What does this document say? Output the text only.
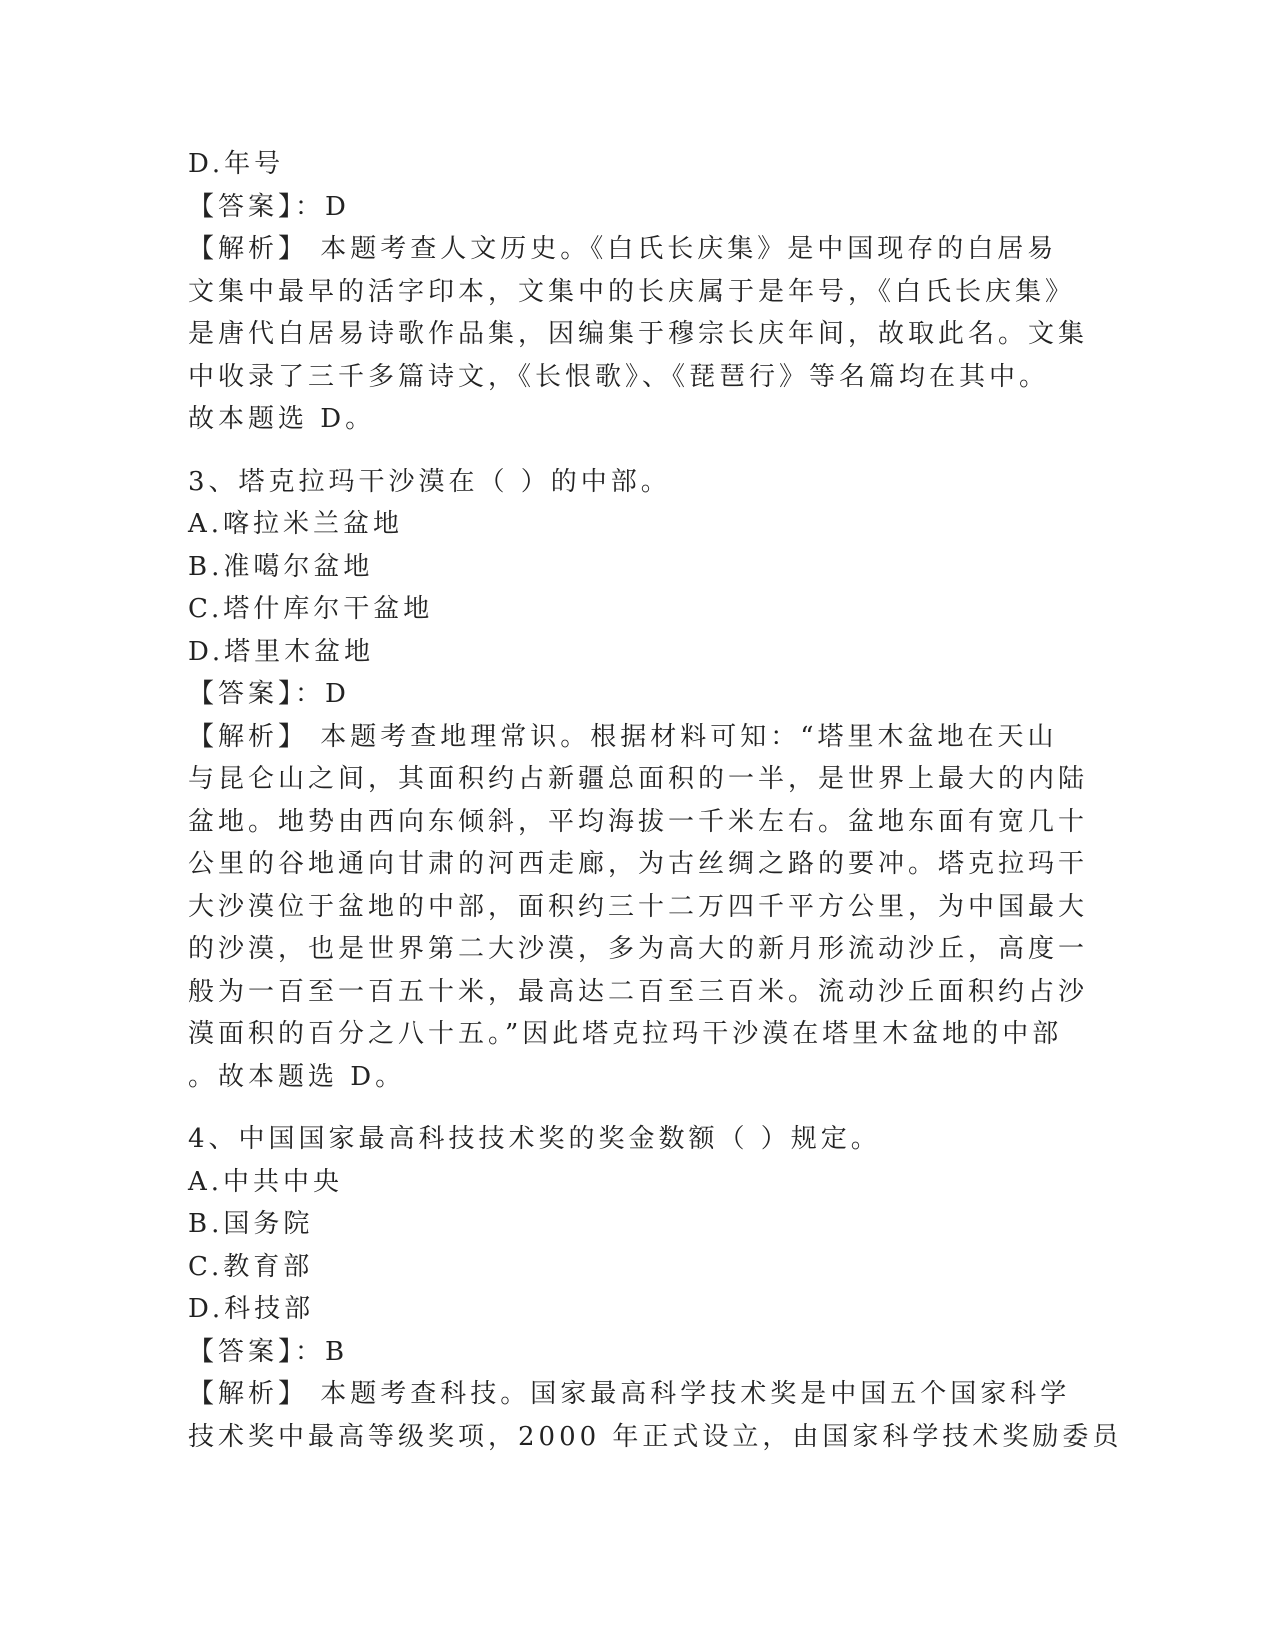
D.年号
【答案】：D
【解析】 本题考查人文历史。《白氏长庆集》是中国现存的白居易
文集中最早的活字印本，文集中的长庆属于是年号，《白氏长庆集》
是唐代白居易诗歌作品集，因编集于穆宗长庆年间，故取此名。文集
中收录了三千多篇诗文，《长恨歌》、《琵琶行》等名篇均在其中。
故本题选 D。
3、塔克拉玛干沙漠在（ ）的中部。
A.喀拉米兰盆地
B.准噶尔盆地
C.塔什库尔干盆地
D.塔里木盆地
【答案】：D
【解析】 本题考查地理常识。根据材料可知：“塔里木盆地在天山
与昆仑山之间，其面积约占新疆总面积的一半，是世界上最大的内陆
盆地。地势由西向东倾斜，平均海拔一千米左右。盆地东面有宽几十
公里的谷地通向甘肃的河西走廊，为古丝绸之路的要冲。塔克拉玛干
大沙漠位于盆地的中部，面积约三十二万四千平方公里，为中国最大
的沙漠，也是世界第二大沙漠，多为高大的新月形流动沙丘，高度一
般为一百至一百五十米，最高达二百至三百米。流动沙丘面积约占沙
漠面积的百分之八十五。”因此塔克拉玛干沙漠在塔里木盆地的中部
。故本题选 D。
4、中国国家最高科技技术奖的奖金数额（ ）规定。
A.中共中央
B.国务院
C.教育部
D.科技部
【答案】：B
【解析】 本题考查科技。国家最高科学技术奖是中国五个国家科学
技术奖中最高等级奖项，2000 年正式设立，由国家科学技术奖励委员
